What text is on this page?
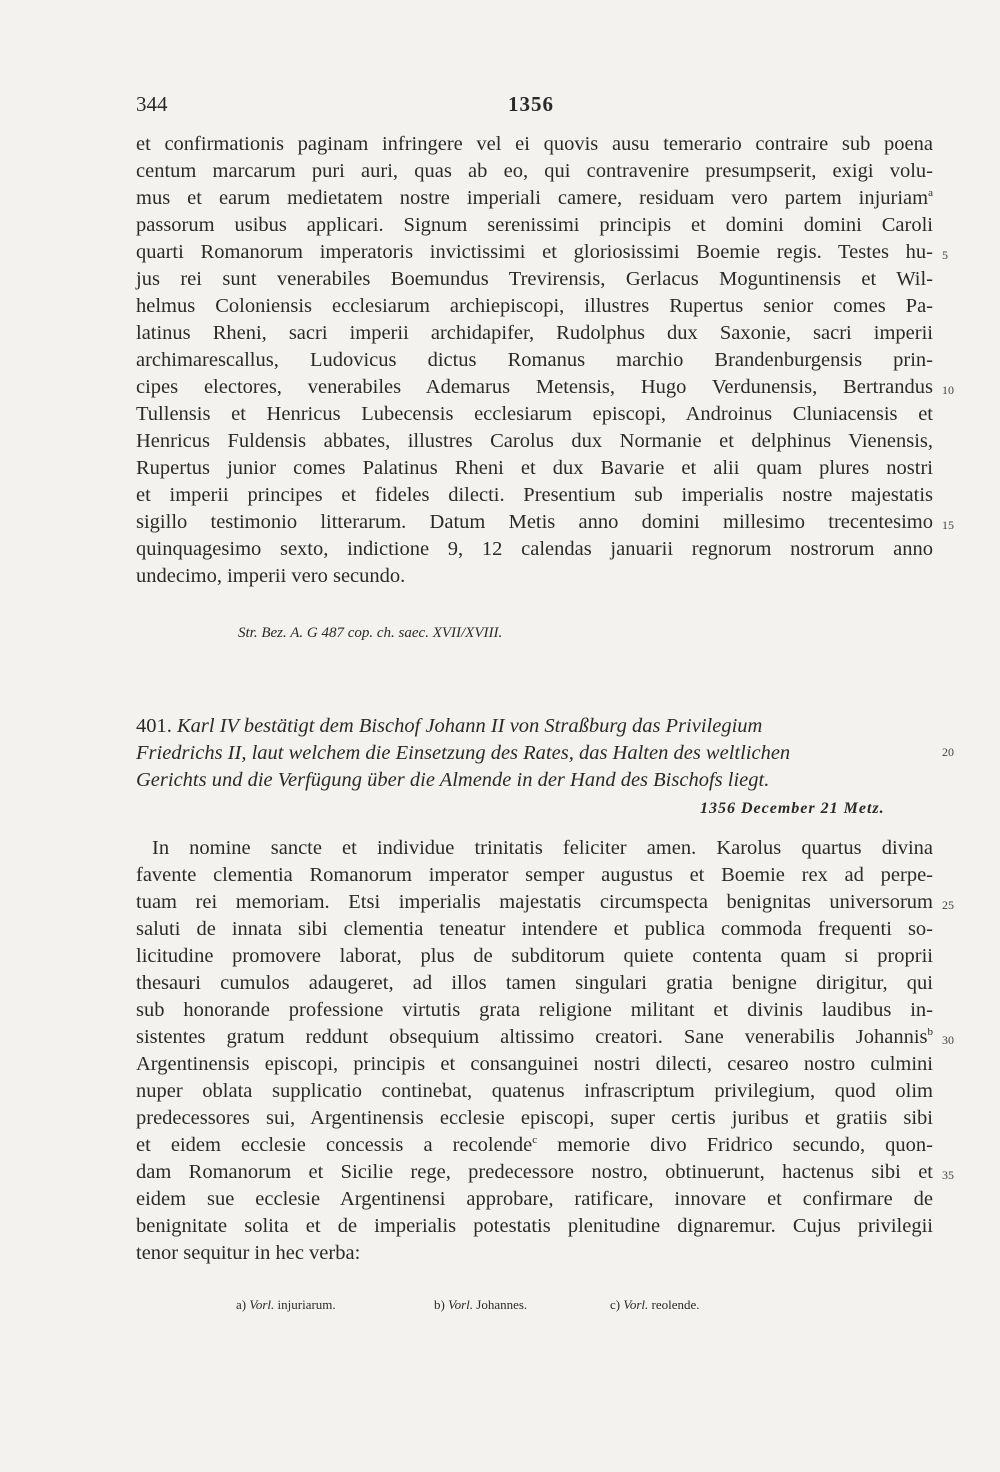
344	1356
et confirmationis paginam infringere vel ei quovis ausu temerario contraire sub poena
centum marcarum puri auri, quas ab eo, qui contravenire presumpserit, exigi volu-
mus et earum medietatem nostre imperiali camere, residuam vero partem injuriam$^a$
passorum usibus applicari. Signum serenissimi principis et domini domini Caroli
quarti Romanorum imperatoris invictissimi et gloriosissimi Boemie regis. Testes hu-
jus rei sunt venerabiles Boemundus Trevirensis, Gerlacus Moguntinensis et Wil-
helmus Coloniensis ecclesiarum archiepiscopi, illustres Rupertus senior comes Pa-
latinus Rheni, sacri imperii archidapifer, Rudolphus dux Saxonie, sacri imperii
archimarescallus, Ludovicus dictus Romanus marchio Brandenburgensis prin-
cipes electores, venerabiles Ademarus Metensis, Hugo Verdunensis, Bertrandus
Tullensis et Henricus Lubecensis ecclesiarum episcopi, Androinus Cluniacensis et
Henricus Fuldensis abbates, illustres Carolus dux Normanie et delphinus Vienensis,
Rupertus junior comes Palatinus Rheni et dux Bavarie et alii quam plures nostri
et imperii principes et fideles dilecti. Presentium sub imperialis nostre majestatis
sigillo testimonio litterarum. Datum Metis anno domini millesimo trecentesimo
quinquagesimo sexto, indictione 9, 12 calendas januarii regnorum nostrorum anno
undecimo, imperii vero secundo.
Str. Bez. A. G 487 cop. ch. saec. XVII/XVIII.
401. Karl IV bestätigt dem Bischof Johann II von Straßburg das Privilegium
Friedrichs II, laut welchem die Einsetzung des Rates, das Halten des weltlichen
Gerichts und die Verfügung über die Almende in der Hand des Bischofs liegt.
1356 December 21 Metz.
In nomine sancte et individue trinitatis feliciter amen. Karolus quartus divina
favente clementia Romanorum imperator semper augustus et Boemie rex ad perpe-
tuam rei memoriam. Etsi imperialis majestatis circumspecta benignitas universorum
saluti de innata sibi clementia teneatur intendere et publica commoda frequenti so-
licitudine promovere laborat, plus de subditorum quiete contenta quam si proprii
thesauri cumulos adaugeret, ad illos tamen singulari gratia benigne dirigitur, qui
sub honorande professione virtutis grata religione militant et divinis laudibus in-
sistentes gratum reddunt obsequium altissimo creatori. Sane venerabilis Johannis$^b$
Argentinensis episcopi, principis et consanguinei nostri dilecti, cesareo nostro culmini
nuper oblata supplicatio continebat, quatenus infrascriptum privilegium, quod olim
predecessores sui, Argentinensis ecclesie episcopi, super certis juribus et gratiis sibi
et eidem ecclesie concessis a recolende$^c$ memorie divo Fridrico secundo, quon-
dam Romanorum et Sicilie rege, predecessore nostro, obtinuerunt, hactenus sibi et
eidem sue ecclesie Argentinensi approbare, ratificare, innovare et confirmare de
benignitate solita et de imperialis potestatis plenitudine dignaremur. Cujus privilegii
tenor sequitur in hec verba:
5
10
15
20
25
30
35
a) Vorl. injuriarum.	b) Vorl. Johannes.	c) Vorl. reolende.
